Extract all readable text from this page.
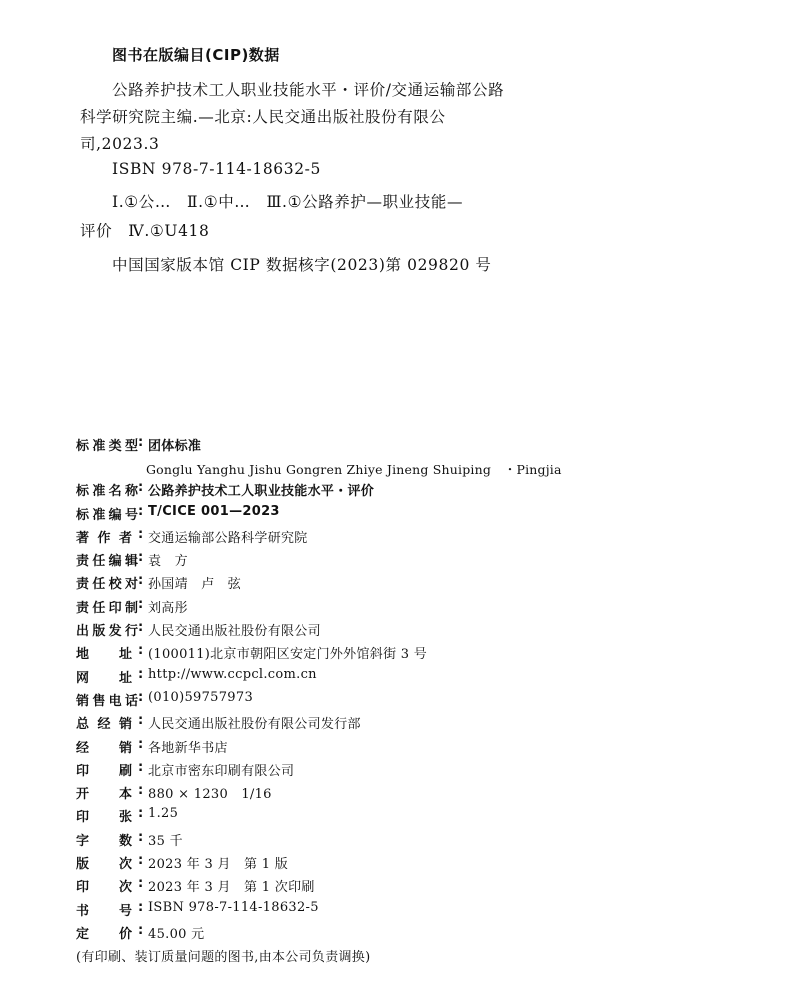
图书在版编目(CIP)数据
公路养护技术工人职业技能水平・评价/交通运输部公路
科学研究院主编.—北京:人民交通出版社股份有限公
司,2023.3
ISBN 978-7-114-18632-5
Ⅰ.①公…　Ⅱ.①中…　Ⅲ.①公路养护—职业技能—
评价　Ⅳ.①U418
中国国家版本馆 CIP 数据核字(2023)第 029820 号
标 准 类 型 : 团体标准
Gonglu Yanghu Jishu Gongren Zhiye Jineng Shuiping　・Pingjia
标 准 名 称 : 公路养护技术工人职业技能水平・评价
标 准 编 号 : T/CICE 001—2023
著 作 者 : 交通运输部公路科学研究院
责 任 编 辑 : 袁　方
责 任 校 对 : 孙国靖　卢　弦
责 任 印 制 : 刘高彤
出 版 发 行 : 人民交通出版社股份有限公司
地 址 : (100011)北京市朝阳区安定门外外馆斜街 3 号
网 址 : http://www.ccpcl.com.cn
销 售 电 话 : (010)59757973
总 经 销 : 人民交通出版社股份有限公司发行部
经 销 : 各地新华书店
印 刷 : 北京市密东印刷有限公司
开 本 : 880 × 1230　1/16
印 张 : 1.25
字 数 : 35 千
版 次 : 2023 年 3 月　第 1 版
印 次 : 2023 年 3 月　第 1 次印刷
书 号 : ISBN 978-7-114-18632-5
定 价 : 45.00 元
(有印刷、装订质量问题的图书,由本公司负责调换)
